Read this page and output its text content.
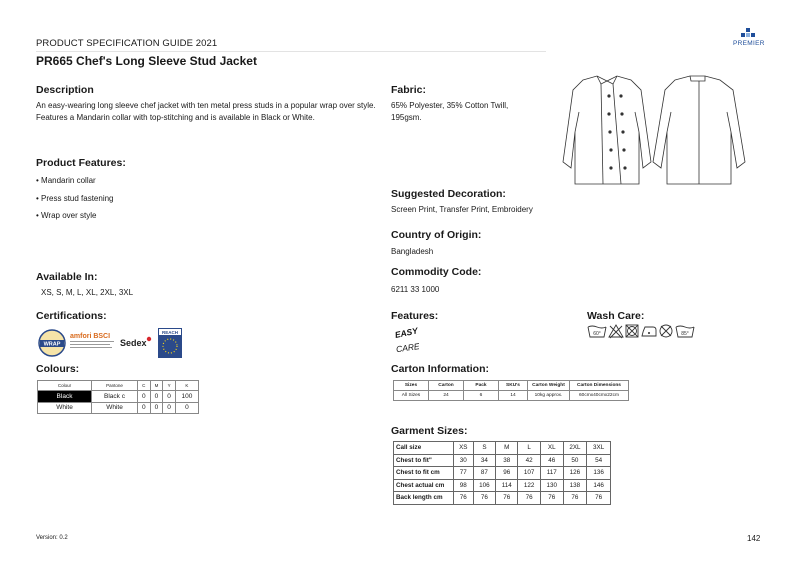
PRODUCT SPECIFICATION GUIDE 2021
PR665 Chef's Long Sleeve Stud Jacket
PREMIER
Description
An easy-wearing long sleeve chef jacket with ten metal press studs in a popular wrap over style. Features a Mandarin collar with top-stitching and is available in Black or White.
Product Features:
• Mandarin collar
• Press stud fastening
• Wrap over style
Available In:
XS, S, M, L, XL, 2XL, 3XL
Certifications:
WRAP
amfori BSCI
Sedex
REACH
Colours:
Colour	Pantone	C	M	Y	K
Black	Black c	0	0	0	100
White	White	0	0	0	0
Fabric:
65% Polyester, 35% Cotton Twill, 195gsm.
Suggested Decoration:
Screen Print, Transfer Print, Embroidery
Country of Origin:
Bangladesh
Commodity Code:
6211 33 1000
Features:
EASY
CARE
Wash Care:
60°	85°
Carton Information:
Sizes	Carton	Pack	SKU's	Carton Weight	Carton Dimensions
All Sizes	24	6	14	10kg approx.	60cmx40cmx22cm
Garment Sizes:
Call size	XS	S	M	L	XL	2XL	3XL
Chest to fit"	30	34	38	42	46	50	54
Chest to fit cm	77	87	96	107	117	126	136
Chest actual cm	98	106	114	122	130	138	146
Back length cm	76	76	76	76	76	76	76
Version: 0.2	142
